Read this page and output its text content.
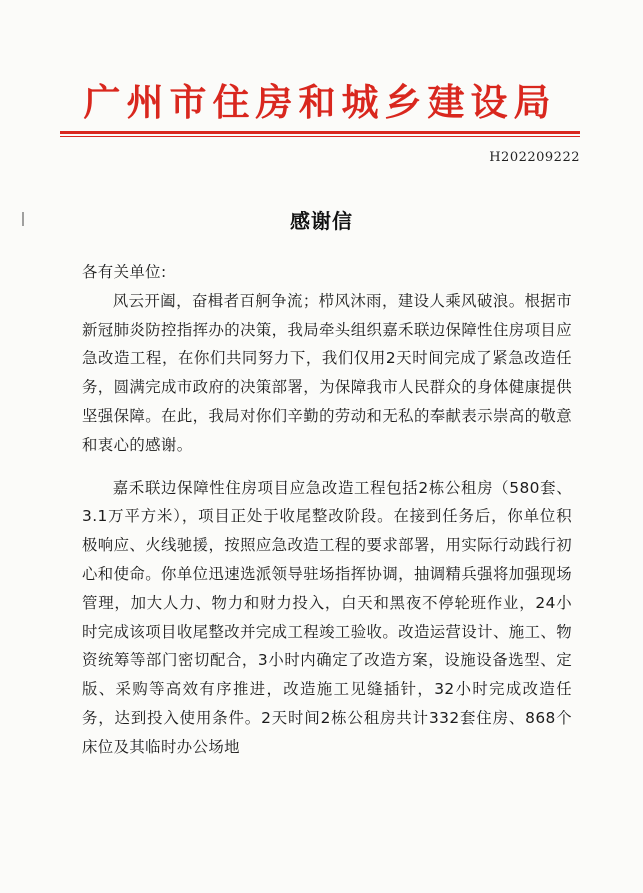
广州市住房和城乡建设局
H202209222
感谢信

各有关单位:

风云开阖，奋楫者百舸争流；栉风沐雨，建设人乘风破浪。根据市新冠肺炎防控指挥办的决策，我局牵头组织嘉禾联边保障性住房项目应急改造工程，在你们共同努力下，我们仅用2天时间完成了紧急改造任务，圆满完成市政府的决策部署，为保障我市人民群众的身体健康提供坚强保障。在此，我局对你们辛勤的劳动和无私的奉献表示崇高的敬意和衷心的感谢。

嘉禾联边保障性住房项目应急改造工程包括2栋公租房（580套、3.1万平方米），项目正处于收尾整改阶段。在接到任务后，你单位积极响应、火线驰援，按照应急改造工程的要求部署，用实际行动践行初心和使命。你单位迅速选派领导驻场指挥协调，抽调精兵强将加强现场管理，加大人力、物力和财力投入，白天和黑夜不停轮班作业，24小时完成该项目收尾整改并完成工程竣工验收。改造运营设计、施工、物资统筹等部门密切配合，3小时内确定了改造方案，设施设备选型、定版、采购等高效有序推进，改造施工见缝插针，32小时完成改造任务，达到投入使用条件。2天时间2栋公租房共计332套住房、868个床位及其临时办公场地
